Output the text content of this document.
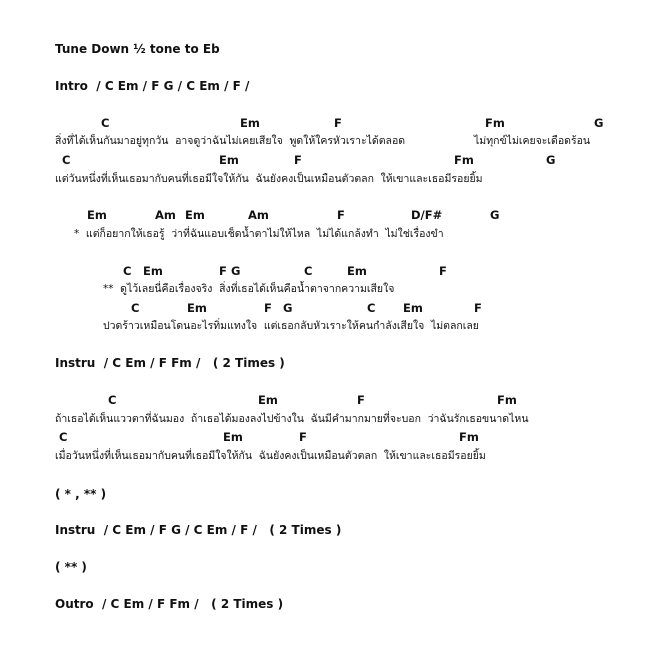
Tune Down ½ tone to Eb
Intro  / C Em / F G / C Em / F /

C

	Em

	F

	Fm

	G

สิ่งที่ได้เห็นกันมาอยู่ทุกวัน  อาจดูว่าฉันไม่เคยเสียใจ  พูดให้ใครหัวเราะได้ตลอด

	ไม่ทุกข์ไม่เคยจะเดือดร้อน

C

	Em

	F

	Fm

	G

แต่วันหนึ่งที่เห็นเธอมากับคนที่เธอมีใจให้กัน  ฉันยังคงเป็นเหมือนตัวตลก  ให้เขาและเธอมีรอยยิ้ม

Em

	Am

Em

	Am

	F

	D/F#

	G

*  แต่ก็อยากให้เธอรู้  ว่าที่ฉันแอบเช็ดน้ำตาไม่ให้ไหล  ไม่ได้แกล้งทำ  ไม่ใช่เรื่องขำ

C

Em

	F

G

	C

	Em

	F

**  ดูไว้เลยนี่คือเรื่องจริง  สิ่งที่เธอได้เห็นคือน้ำตาจากความเสียใจ

C

	Em

	F

G

	C

Em

	F

ปวดร้าวเหมือนโดนอะไรทิ่มแทงใจ  แต่เธอกลับหัวเราะให้คนกำลังเสียใจ  ไม่ตลกเลย
Instru  / C Em / F Fm /   ( 2 Times )

C

	Em

	F

	Fm

ถ้าเธอได้เห็นแววตาที่ฉันมอง  ถ้าเธอได้มองลงไปข้างใน  ฉันมีคำมากมายที่จะบอก  ว่าฉันรักเธอขนาดไหน

C

	Em

	F

	Fm

เมื่อวันหนึ่งที่เห็นเธอมากับคนที่เธอมีใจให้กัน  ฉันยังคงเป็นเหมือนตัวตลก  ให้เขาและเธอมีรอยยิ้ม
( * , ** )
Instru  / C Em / F G / C Em / F /   ( 2 Times )
( ** )
Outro  / C Em / F Fm /   ( 2 Times )
